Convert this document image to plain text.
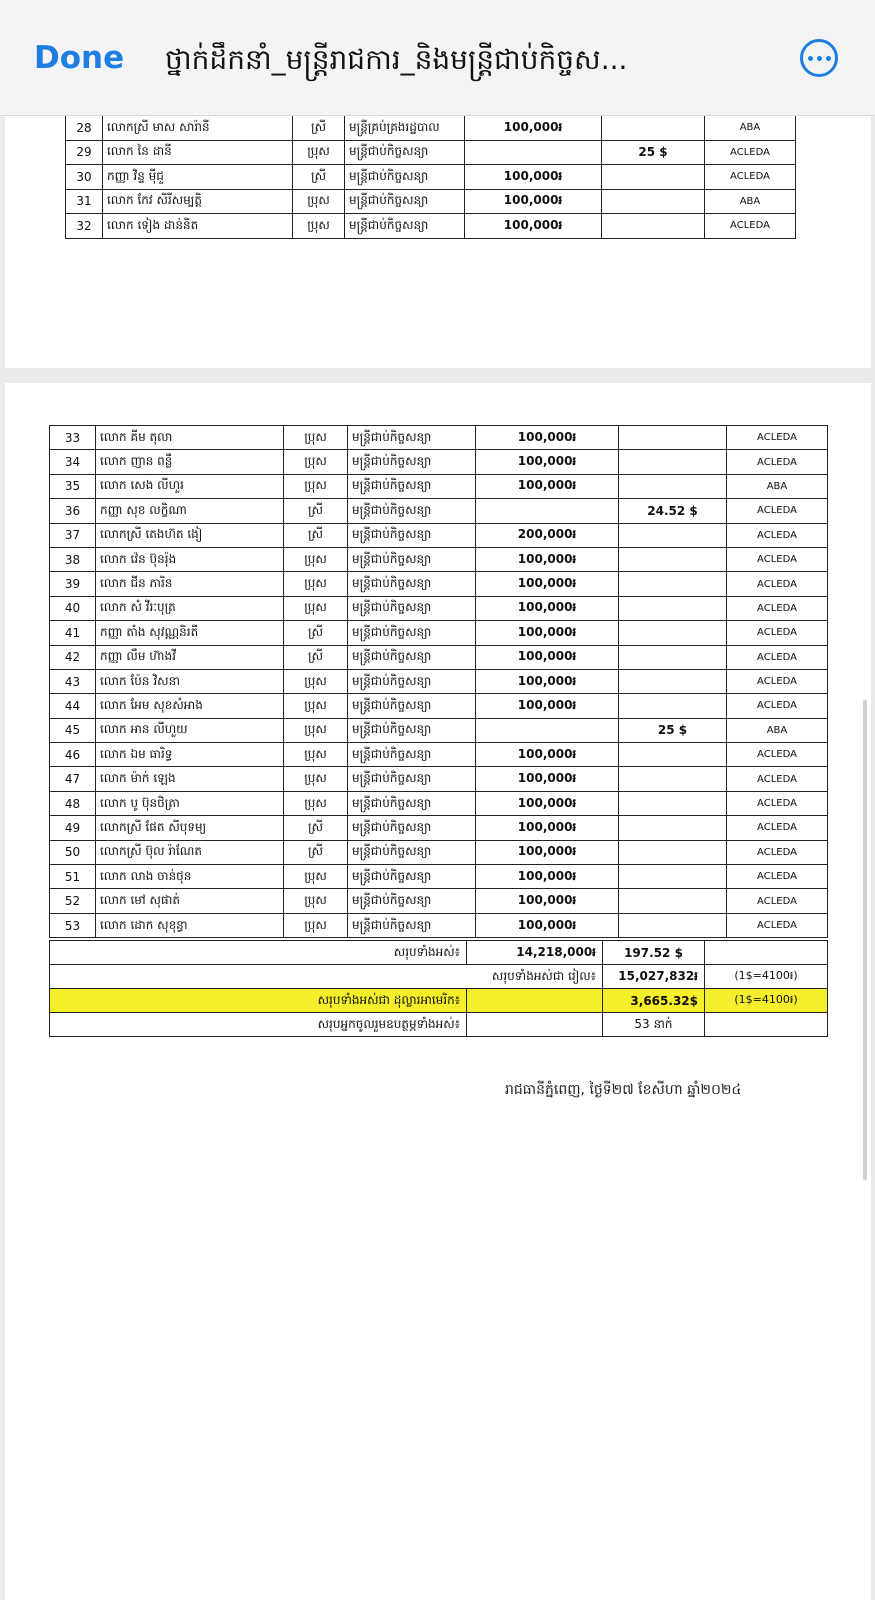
Done ថ្នាក់ដឹកនាំ_មន្ត្រីរាជការ_និងមន្ត្រីជាប់កិច្ចស...
28	លោកស្រី មាស សារ៉ានី	ស្រី	មន្ត្រីគ្រប់គ្រងរដ្ឋបាល	100,000៛		ABA
29	លោក នៃ ដានី	ប្រុស	មន្ត្រីជាប់កិច្ចសន្យា		25 $	ACLEDA
30	កញ្ញា វិន្ទ ម៉ីជួ	ស្រី	មន្ត្រីជាប់កិច្ចសន្យា	100,000៛		ACLEDA
31	លោក កែវ សិរីសម្បត្តិ	ប្រុស	មន្ត្រីជាប់កិច្ចសន្យា	100,000៛		ABA
32	លោក ទៀង ដាន់និត	ប្រុស	មន្ត្រីជាប់កិច្ចសន្យា	100,000៛		ACLEDA
33	លោក គីម តុលា	ប្រុស	មន្ត្រីជាប់កិច្ចសន្យា	100,000៛		ACLEDA
34	លោក ញាន ពន្លឺ	ប្រុស	មន្ត្រីជាប់កិច្ចសន្យា	100,000៛		ACLEDA
35	លោក សេង លីហួរ	ប្រុស	មន្ត្រីជាប់កិច្ចសន្យា	100,000៛		ABA
36	កញ្ញា សុខ លក្ខិណា	ស្រី	មន្ត្រីជាប់កិច្ចសន្យា		24.52 $	ACLEDA
37	លោកស្រី តេងហ៊ត ងៀ	ស្រី	មន្ត្រីជាប់កិច្ចសន្យា	200,000៛		ACLEDA
38	លោក វ៉េន ប៊ុនរ៉ុង	ប្រុស	មន្ត្រីជាប់កិច្ចសន្យា	100,000៛		ACLEDA
39	លោក ជីន ភារិន	ប្រុស	មន្ត្រីជាប់កិច្ចសន្យា	100,000៛		ACLEDA
40	លោក សំ វីរៈបុត្រ	ប្រុស	មន្ត្រីជាប់កិច្ចសន្យា	100,000៛		ACLEDA
41	កញ្ញា តាំង សុវណ្ណនិរតី	ស្រី	មន្ត្រីជាប់កិច្ចសន្យា	100,000៛		ACLEDA
42	កញ្ញា លឹម ហ៊ាងវី	ស្រី	មន្ត្រីជាប់កិច្ចសន្យា	100,000៛		ACLEDA
43	លោក ប៉ែន វិសនា	ប្រុស	មន្ត្រីជាប់កិច្ចសន្យា	100,000៛		ACLEDA
44	លោក អែម សុខសំអាង	ប្រុស	មន្ត្រីជាប់កិច្ចសន្យា	100,000៛		ACLEDA
45	លោក អាន លីហួយ	ប្រុស	មន្ត្រីជាប់កិច្ចសន្យា		25 $	ABA
46	លោក ឯម ធារិទ្ធ	ប្រុស	មន្ត្រីជាប់កិច្ចសន្យា	100,000៛		ACLEDA
47	លោក ម៉ាក់ ឡេង	ប្រុស	មន្ត្រីជាប់កិច្ចសន្យា	100,000៛		ACLEDA
48	លោក បូ ប៊ុនថិត្រា	ប្រុស	មន្ត្រីជាប់កិច្ចសន្យា	100,000៛		ACLEDA
49	លោកស្រី ផែត សីបុទម្យ	ស្រី	មន្ត្រីជាប់កិច្ចសន្យា	100,000៛		ACLEDA
50	លោកស្រី ប៊ុល រ៉ាណែត	ស្រី	មន្ត្រីជាប់កិច្ចសន្យា	100,000៛		ACLEDA
51	លោក លាង ចាន់ថុន	ប្រុស	មន្ត្រីជាប់កិច្ចសន្យា	100,000៛		ACLEDA
52	លោក មៅ សុផាត់	ប្រុស	មន្ត្រីជាប់កិច្ចសន្យា	100,000៛		ACLEDA
53	លោក ដោក សុខុន្ធា	ប្រុស	មន្ត្រីជាប់កិច្ចសន្យា	100,000៛		ACLEDA
សរុបទាំងអស់៖	14,218,000៛	197.52 $	
សរុបទាំងអស់ជា រៀល៖		15,027,832៛	(1$=4100៛)
សរុបទាំងអស់ជា ដុល្លារអាមេរិក៖		3,665.32$	(1$=4100៛)
សរុបអ្នកចូលរួមឧបត្ថម្ភទាំងអស់៖		53 នាក់	
រាជធានីភ្នំពេញ, ថ្ងៃទី២៧ ខែសីហា ឆ្នាំ២០២៤
